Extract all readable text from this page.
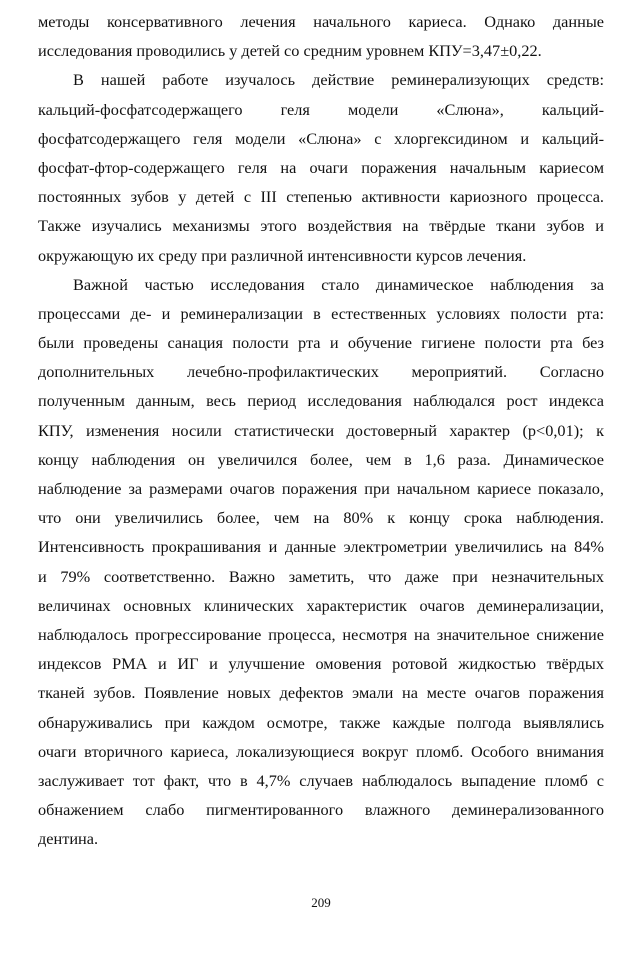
методы консервативного лечения начального кариеса. Однако данные
исследования проводились у детей со средним уровнем КПУ=3,47±0,22.

В нашей работе изучалось действие реминерализующих средств:
кальций-фосфатсодержащего геля модели «Слюна», кальций-
фосфатсодержащего геля модели «Слюна» с хлоргексидином и кальций-
фосфат-фтор-содержащего геля на очаги поражения начальным кариесом
постоянных зубов у детей с III степенью активности кариозного процесса.
Также изучались механизмы этого воздействия на твёрдые ткани зубов и
окружающую их среду при различной интенсивности курсов лечения.

Важной частью исследования стало динамическое наблюдения за
процессами де- и реминерализации в естественных условиях полости рта:
были проведены санация полости рта и обучение гигиене полости рта без
дополнительных лечебно-профилактических мероприятий. Согласно
полученным данным, весь период исследования наблюдался рост индекса
КПУ, изменения носили статистически достоверный характер (p<0,01); к
концу наблюдения он увеличился более, чем в 1,6 раза. Динамическое
наблюдение за размерами очагов поражения при начальном кариесе показало,
что они увеличились более, чем на 80% к концу срока наблюдения.
Интенсивность прокрашивания и данные электрометрии увеличились на 84%
и 79% соответственно. Важно заметить, что даже при незначительных
величинах основных клинических характеристик очагов деминерализации,
наблюдалось прогрессирование процесса, несмотря на значительное снижение
индексов РМА и ИГ и улучшение омовения ротовой жидкостью твёрдых
тканей зубов. Появление новых дефектов эмали на месте очагов поражения
обнаруживались при каждом осмотре, также каждые полгода выявлялись
очаги вторичного кариеса, локализующиеся вокруг пломб. Особого внимания
заслуживает тот факт, что в 4,7% случаев наблюдалось выпадение пломб с
обнажением слабо пигментированного влажного деминерализованного
дентина.

209
